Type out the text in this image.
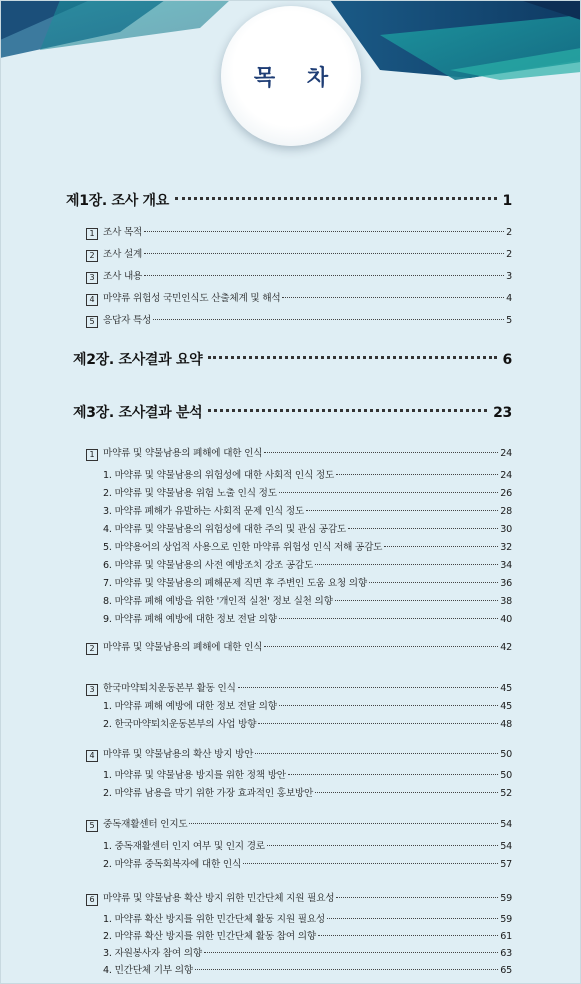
목 차
제1장. 조사 개요	1
1 조사 목적	2
2 조사 설계	2
3 조사 내용	3
4 마약류 위험성 국민인식도 산출체계 및 해석	4
5 응답자 특성	5
제2장. 조사결과 요약	6
제3장. 조사결과 분석	23
1 마약류 및 약물남용의 폐해에 대한 인식	24
1. 마약류 및 약물남용의 위험성에 대한 사회적 인식 정도	24
2. 마약류 및 약물남용 위험 노출 인식 정도	26
3. 마약류 폐해가 유발하는 사회적 문제 인식 정도	28
4. 마약류 및 약물남용의 위험성에 대한 주의 및 관심 공감도	30
5. 마약용어의 상업적 사용으로 인한 마약류 위험성 인식 저해 공감도	32
6. 마약류 및 약물남용의 사전 예방조치 강조 공감도	34
7. 마약류 및 약물남용의 폐해문제 직면 후 주변인 도움 요청 의향	36
8. 마약류 폐해 예방을 위한 '개인적 실천' 정보 실천 의향	38
9. 마약류 폐해 예방에 대한 정보 전달 의향	40
2 마약류 및 약물남용의 폐해에 대한 인식	42
3 한국마약퇴치운동본부 활동 인식	45
1. 마약류 폐해 예방에 대한 정보 전달 의향	45
2. 한국마약퇴치운동본부의 사업 방향	48
4 마약류 및 약물남용의 확산 방지 방안	50
1. 마약류 및 약물남용 방지를 위한 정책 방안	50
2. 마약류 남용을 막기 위한 가장 효과적인 홍보방안	52
5 중독재활센터 인지도	54
1. 중독재활센터 인지 여부 및 인지 경로	54
2. 마약류 중독회복자에 대한 인식	57
6 마약류 및 약물남용 확산 방지 위한 민간단체 지원 필요성	59
1. 마약류 확산 방지를 위한 민간단체 활동 지원 필요성	59
2. 마약류 확산 방지를 위한 민간단체 활동 참여 의향	61
3. 자원봉사자 참여 의향	63
4. 민간단체 기부 의향	65
